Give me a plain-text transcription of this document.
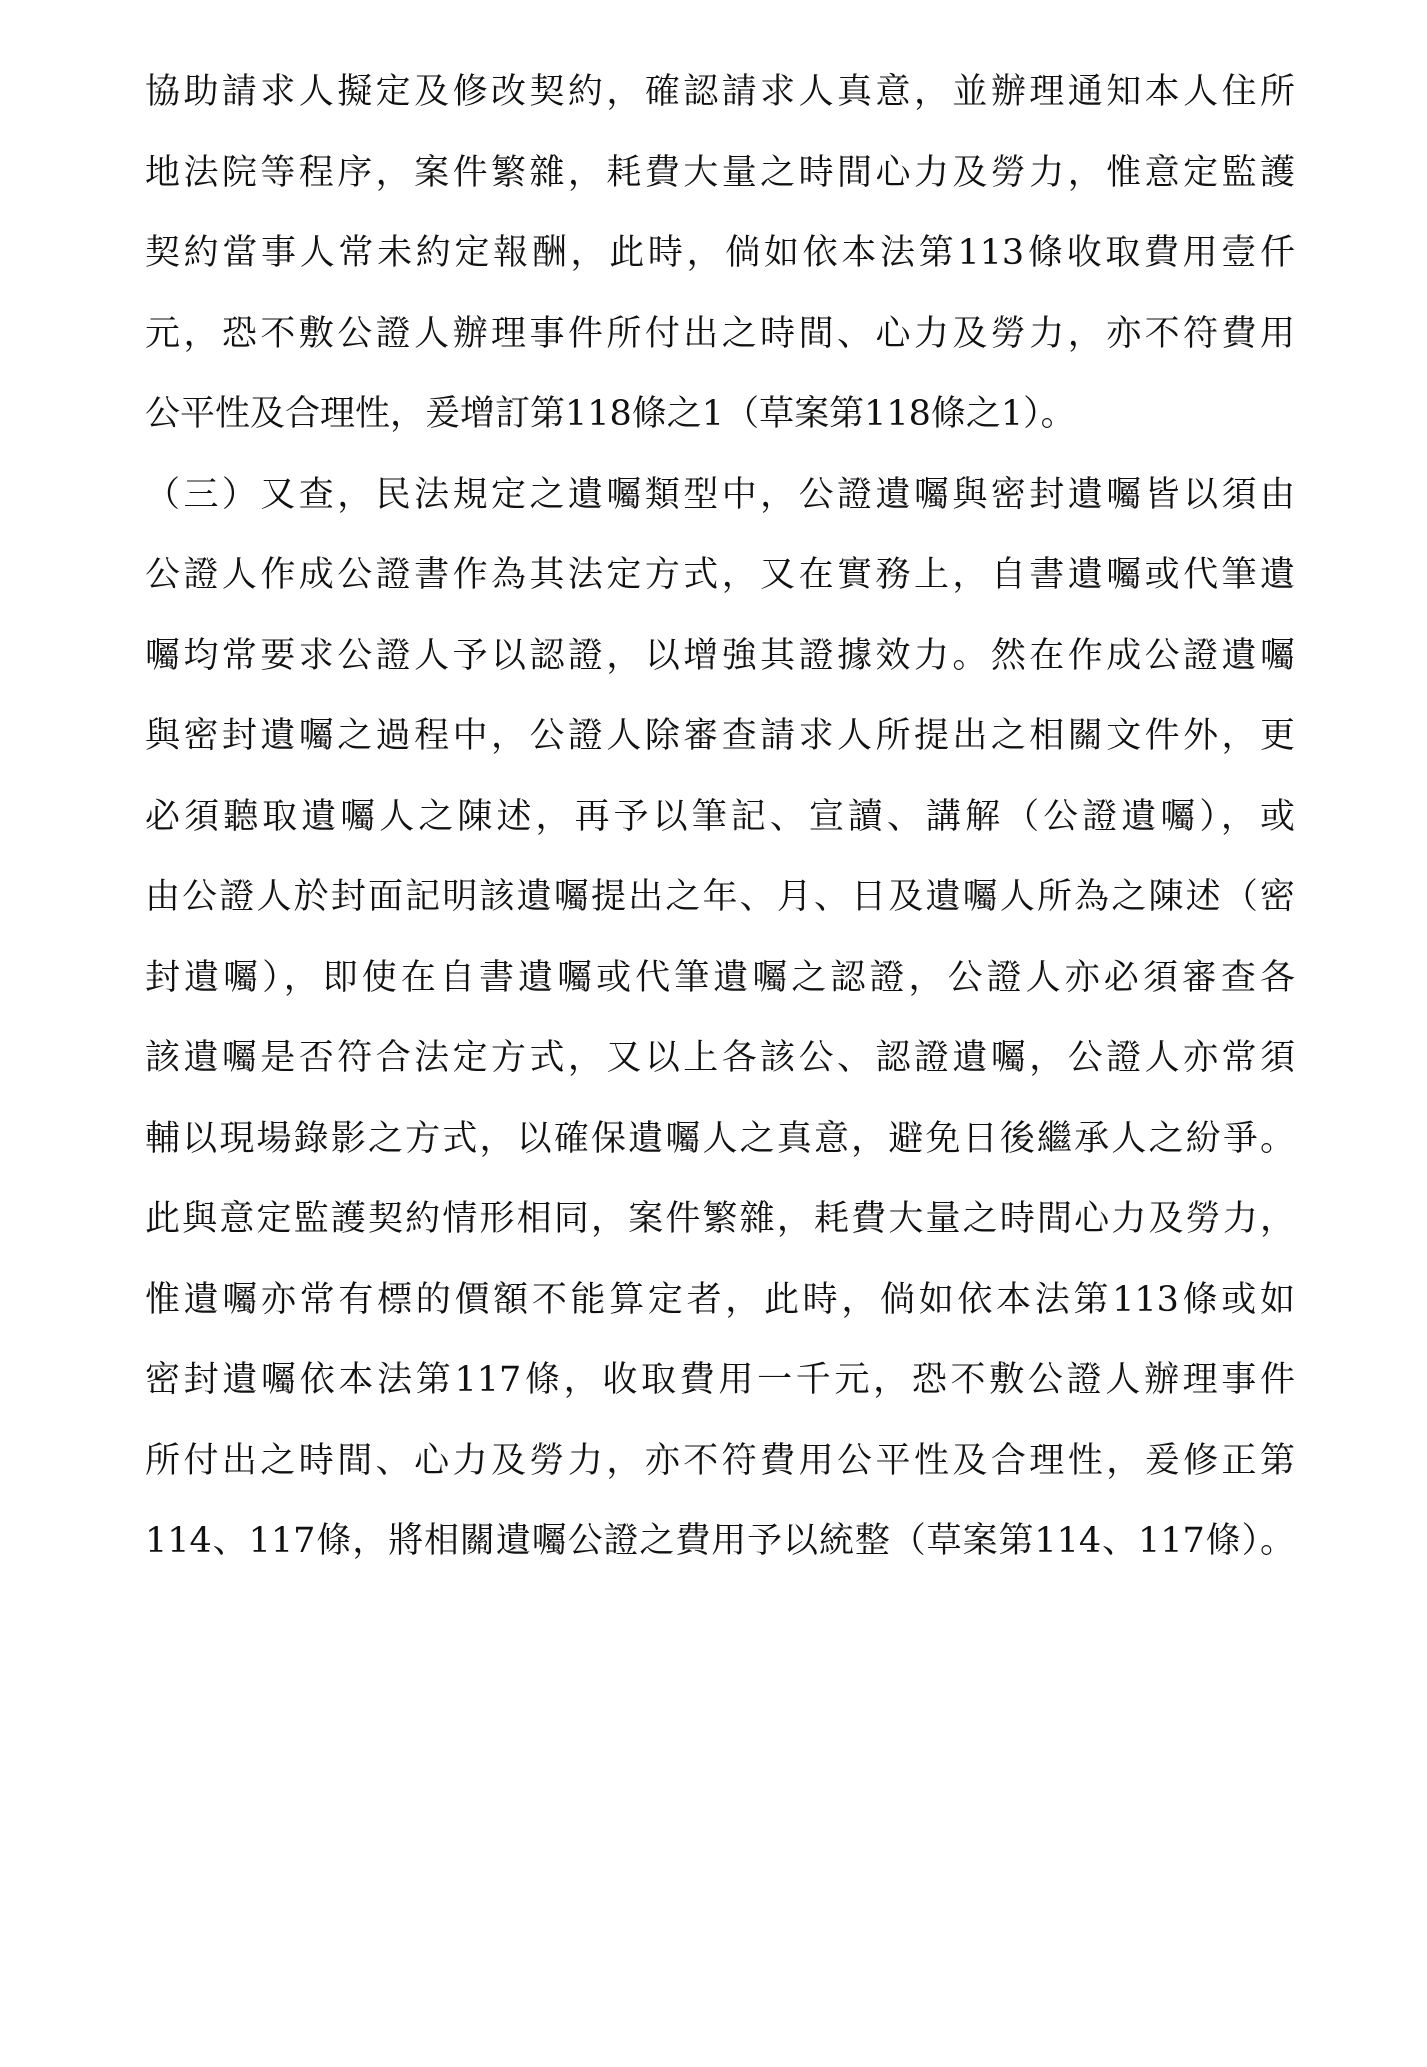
協助請求人擬定及修改契約，確認請求人真意，並辦理通知本人住所
地法院等程序，案件繁雜，耗費大量之時間心力及勞力，惟意定監護
契約當事人常未約定報酬，此時，倘如依本法第113條收取費用壹仟
元，恐不敷公證人辦理事件所付出之時間、心力及勞力，亦不符費用
公平性及合理性，爰增訂第118條之1（草案第118條之1）。
（三）又查，民法規定之遺囑類型中，公證遺囑與密封遺囑皆以須由
公證人作成公證書作為其法定方式，又在實務上，自書遺囑或代筆遺
囑均常要求公證人予以認證，以增強其證據效力。然在作成公證遺囑
與密封遺囑之過程中，公證人除審查請求人所提出之相關文件外，更
必須聽取遺囑人之陳述，再予以筆記、宣讀、講解（公證遺囑），或
由公證人於封面記明該遺囑提出之年、月、日及遺囑人所為之陳述（密
封遺囑），即使在自書遺囑或代筆遺囑之認證，公證人亦必須審查各
該遺囑是否符合法定方式，又以上各該公、認證遺囑，公證人亦常須
輔以現場錄影之方式，以確保遺囑人之真意，避免日後繼承人之紛爭。
此與意定監護契約情形相同，案件繁雜，耗費大量之時間心力及勞力，
惟遺囑亦常有標的價額不能算定者，此時，倘如依本法第113條或如
密封遺囑依本法第117條，收取費用一千元，恐不敷公證人辦理事件
所付出之時間、心力及勞力，亦不符費用公平性及合理性，爰修正第
114、117條，將相關遺囑公證之費用予以統整（草案第114、117條）。
